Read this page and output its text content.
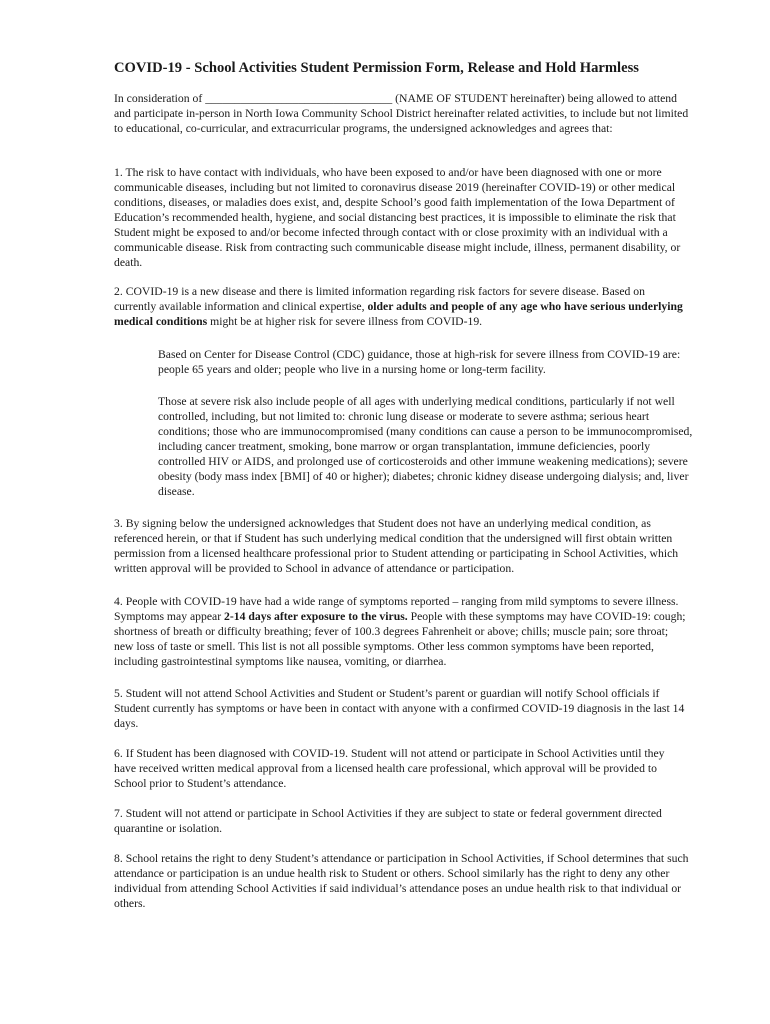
COVID-19 - School Activities Student Permission Form, Release and Hold Harmless

In consideration of ________________________________ (NAME OF STUDENT hereinafter) being allowed to attend and participate in-person in North Iowa Community School District hereinafter related activities, to include but not limited to educational, co-curricular, and extracurricular programs, the undersigned acknowledges and agrees that:

1. The risk to have contact with individuals, who have been exposed to and/or have been diagnosed with one or more communicable diseases, including but not limited to coronavirus disease 2019 (hereinafter COVID-19) or other medical conditions, diseases, or maladies does exist, and, despite School’s good faith implementation of the Iowa Department of Education’s recommended health, hygiene, and social distancing best practices, it is impossible to eliminate the risk that Student might be exposed to and/or become infected through contact with or close proximity with an individual with a communicable disease. Risk from contracting such communicable disease might include, illness, permanent disability, or death.

2. COVID-19 is a new disease and there is limited information regarding risk factors for severe disease. Based on currently available information and clinical expertise, older adults and people of any age who have serious underlying medical conditions might be at higher risk for severe illness from COVID-19.

Based on Center for Disease Control (CDC) guidance, those at high-risk for severe illness from COVID-19 are: people 65 years and older; people who live in a nursing home or long-term facility.

Those at severe risk also include people of all ages with underlying medical conditions, particularly if not well controlled, including, but not limited to: chronic lung disease or moderate to severe asthma; serious heart conditions; those who are immunocompromised (many conditions can cause a person to be immunocompromised, including cancer treatment, smoking, bone marrow or organ transplantation, immune deficiencies, poorly controlled HIV or AIDS, and prolonged use of corticosteroids and other immune weakening medications); severe obesity (body mass index [BMI] of 40 or higher); diabetes; chronic kidney disease undergoing dialysis; and, liver disease.

3. By signing below the undersigned acknowledges that Student does not have an underlying medical condition, as referenced herein, or that if Student has such underlying medical condition that the undersigned will first obtain written permission from a licensed healthcare professional prior to Student attending or participating in School Activities, which written approval will be provided to School in advance of attendance or participation.

4. People with COVID-19 have had a wide range of symptoms reported – ranging from mild symptoms to severe illness. Symptoms may appear 2-14 days after exposure to the virus. People with these symptoms may have COVID-19: cough; shortness of breath or difficulty breathing; fever of 100.3 degrees Fahrenheit or above; chills; muscle pain; sore throat; new loss of taste or smell. This list is not all possible symptoms. Other less common symptoms have been reported, including gastrointestinal symptoms like nausea, vomiting, or diarrhea.

5. Student will not attend School Activities and Student or Student’s parent or guardian will notify School officials if Student currently has symptoms or have been in contact with anyone with a confirmed COVID-19 diagnosis in the last 14 days.

6. If Student has been diagnosed with COVID-19. Student will not attend or participate in School Activities until they have received written medical approval from a licensed health care professional, which approval will be provided to School prior to Student’s attendance.

7. Student will not attend or participate in School Activities if they are subject to state or federal government directed quarantine or isolation.

8. School retains the right to deny Student’s attendance or participation in School Activities, if School determines that such attendance or participation is an undue health risk to Student or others. School similarly has the right to deny any other individual from attending School Activities if said individual’s attendance poses an undue health risk to that individual or others.
